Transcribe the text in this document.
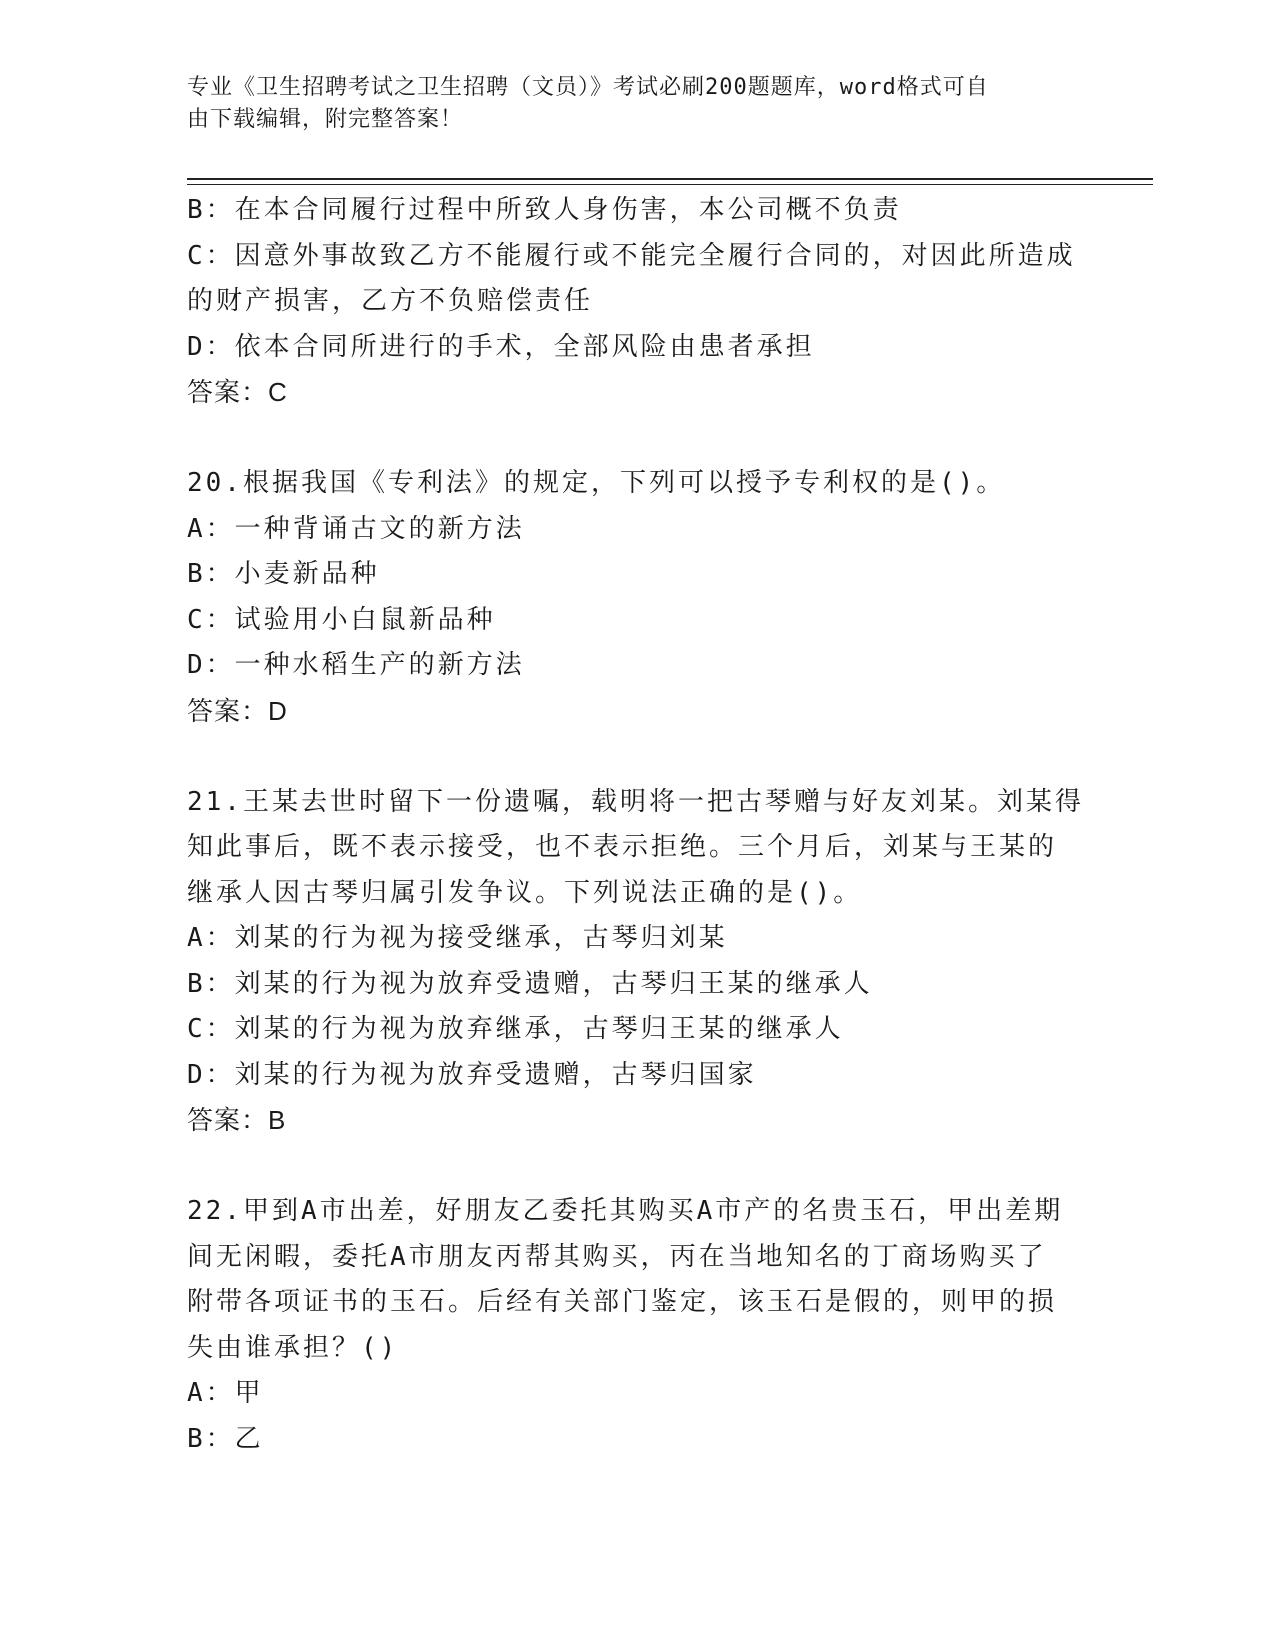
专业《卫生招聘考试之卫生招聘（文员）》考试必刷200题题库，word格式可自
由下载编辑，附完整答案！
B：在本合同履行过程中所致人身伤害，本公司概不负责
C：因意外事故致乙方不能履行或不能完全履行合同的，对因此所造成
的财产损害，乙方不负赔偿责任
D：依本合同所进行的手术，全部风险由患者承担
答案：C
20.根据我国《专利法》的规定，下列可以授予专利权的是()。
A：一种背诵古文的新方法
B：小麦新品种
C：试验用小白鼠新品种
D：一种水稻生产的新方法
答案：D
21.王某去世时留下一份遗嘱，载明将一把古琴赠与好友刘某。刘某得
知此事后，既不表示接受，也不表示拒绝。三个月后，刘某与王某的
继承人因古琴归属引发争议。下列说法正确的是()。
A：刘某的行为视为接受继承，古琴归刘某
B：刘某的行为视为放弃受遗赠，古琴归王某的继承人
C：刘某的行为视为放弃继承，古琴归王某的继承人
D：刘某的行为视为放弃受遗赠，古琴归国家
答案：B
22.甲到A市出差，好朋友乙委托其购买A市产的名贵玉石，甲出差期
间无闲暇，委托A市朋友丙帮其购买，丙在当地知名的丁商场购买了
附带各项证书的玉石。后经有关部门鉴定，该玉石是假的，则甲的损
失由谁承担？()
A：甲
B：乙
